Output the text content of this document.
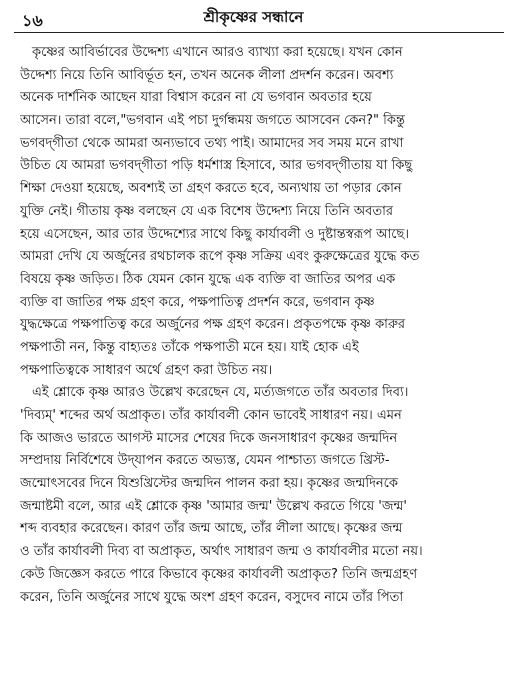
১৬	শ্রীকৃষ্ণের সন্ধানে
কৃষ্ণের আবির্ভাবের উদ্দেশ্য এখানে আরও ব্যাখ্যা করা হয়েছে। যখন কোন
উদ্দেশ্য নিয়ে তিনি আবির্ভূত হন, তখন অনেক লীলা প্রদর্শন করেন। অবশ্য
অনেক দার্শনিক আছেন যারা বিশ্বাস করেন না যে ভগবান অবতার হয়ে
আসেন। তারা বলে,"ভগবান এই পচা দুর্গন্ধময় জগতে আসবেন কেন?" কিন্তু
ভগবদ্‌গীতা থেকে আমরা অন্যভাবে তথ্য পাই। আমাদের সব সময় মনে রাখা
উচিত যে আমরা ভগবদ্‌গীতা পড়ি ধর্মশাস্ত্র হিসাবে, আর ভগবদ্‌গীতায় যা কিছু
শিক্ষা দেওয়া হয়েছে, অবশ্যই তা গ্রহণ করতে হবে, অন্যথায় তা পড়ার কোন
যুক্তি নেই। গীতায় কৃষ্ণ বলছেন যে এক বিশেষ উদ্দেশ্য নিয়ে তিনি অবতার
হয়ে এসেছেন, আর তার উদ্দেশ্যের সাথে কিছু কার্যাবলী ও দুষ্টান্তস্বরূপ আছে।
আমরা দেখি যে অর্জুনের রথচালক রূপে কৃষ্ণ সক্রিয় এবং কুরুক্ষেত্রের যুদ্ধে কত
বিষয়ে কৃষ্ণ জড়িত। ঠিক যেমন কোন যুদ্ধে এক ব্যক্তি বা জাতির অপর এক
ব্যক্তি বা জাতির পক্ষ গ্রহণ করে, পক্ষপাতিত্ব প্রদর্শন করে, ভগবান কৃষ্ণ
যুদ্ধক্ষেত্রে পক্ষপাতিত্ব করে অর্জুনের পক্ষ গ্রহণ করেন। প্রকৃতপক্ষে কৃষ্ণ কারুর
পক্ষপাতী নন, কিন্তু বাহ্যতঃ তাঁকে পক্ষপাতী মনে হয়। যাই হোক এই
পক্ষপাতিত্বকে সাধারণ অর্থে গ্রহণ করা উচিত নয়।
এই শ্লোকে কৃষ্ণ আরও উল্লেখ করেছেন যে, মর্ত্যজগতে তাঁর অবতার দিব্য।
'দিব্যম্' শব্দের অর্থ অপ্রাকৃত। তাঁর কার্যাবলী কোন ভাবেই সাধারণ নয়। এমন
কি আজও ভারতে আগস্ট মাসের শেষের দিকে জনসাধারণ কৃষ্ণের জন্মদিন
সম্প্রদায় নির্বিশেষে উদ্‌যাপন করতে অভ্যস্ত, যেমন পাশ্চাত্য জগতে খ্রিস্ট-
জন্মোৎসবের দিনে যিশুখ্রিস্টের জন্মদিন পালন করা হয়। কৃষ্ণের জন্মদিনকে
জন্মাষ্টমী বলে, আর এই শ্লোকে কৃষ্ণ 'আমার জন্ম' উল্লেখ করতে গিয়ে 'জন্ম'
শব্দ ব্যবহার করেছেন। কারণ তাঁর জন্ম আছে, তাঁর লীলা আছে। কৃষ্ণের জন্ম
ও তাঁর কার্যাবলী দিব্য বা অপ্রাকৃত, অর্থাৎ সাধারণ জন্ম ও কার্যাবলীর মতো নয়।
কেউ জিজ্ঞেস করতে পারে কিভাবে কৃষ্ণের কার্যাবলী অপ্রাকৃত? তিনি জন্মগ্রহণ
করেন, তিনি অর্জুনের সাথে যুদ্ধে অংশ গ্রহণ করেন, বসুদেব নামে তাঁর পিতা
